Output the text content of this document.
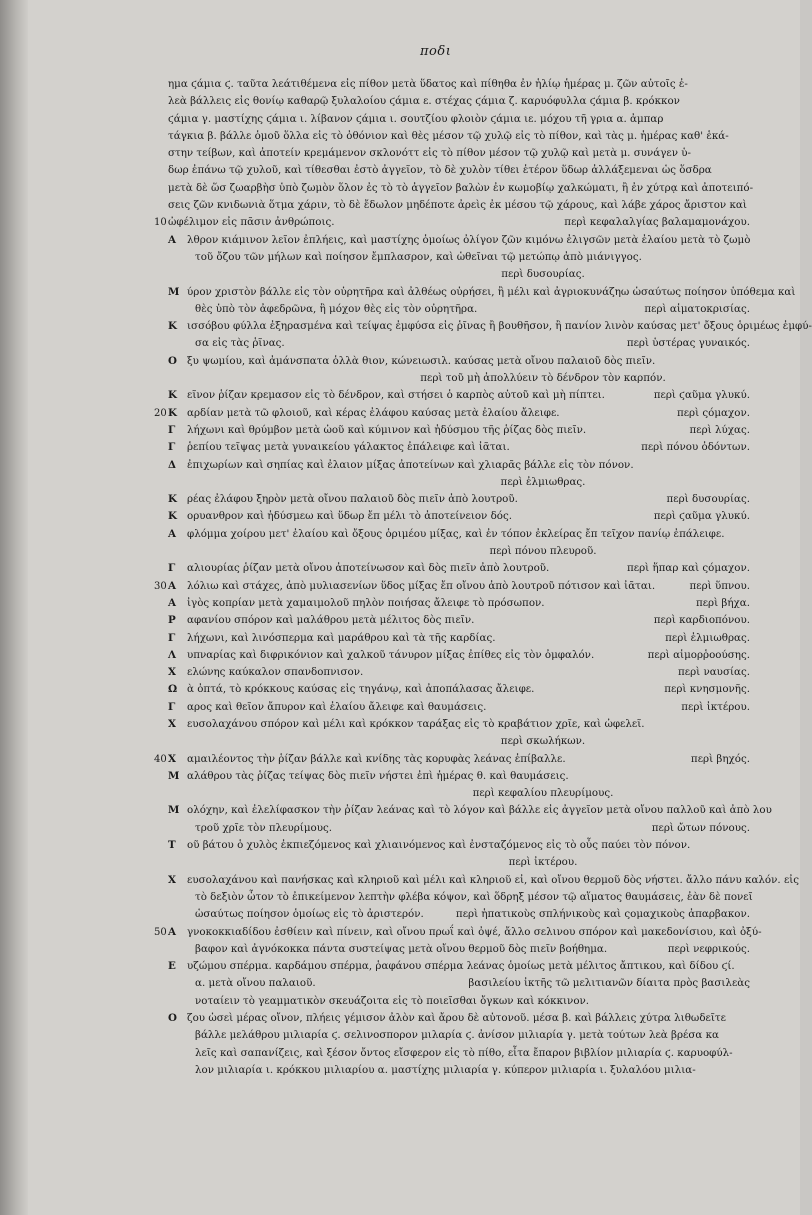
ποδι
ημα ϛάμια ϛ. ταῦτα λεάτιθέμενα εἰς πίθον μετὰ ὕδατος καὶ πίθηθα ἐν ἡλίῳ ἡμέρας μ. ζῶν αὐτοῖς ἐ-
λεὰ βάλλεις εἰς θονίῳ καθαρῷ ξυλαλοίου ϛάμια ε. στέχας ϛάμια ζ. καρυόφυλλα ϛάμια β. κρόκκον
ϛάμια γ. μαστίχης ϛάμια ι. λίβανον ϛάμια ι. σουτζίου φλοιὸν ϛάμια ιε. μόχου τῆ γρια α. ἀμπαρ
τάγκια β. βάλλε ὁμοῦ ὅλλα εἰς τὸ ὀθόνιον καὶ θὲς μέσον τῷ χυλῷ εἰς τὸ πίθον, καὶ τὰς μ. ἡμέρας καθ' ἑκά-
στην τείβων, καὶ ἀποτείν κρεμάμενον σκλονόττ εἰς τὸ πίθον μέσον τῷ χυλῷ καὶ μετὰ μ. συνάγεν ὑ-
δωρ ἐπάνω τῷ χυλοῦ, καὶ τίθεσθαι ἐστὸ ἀγγεῖον, τὸ δὲ χυλὸν τίθει ἑτέρον ὕδωρ ἀλλάξεμεναι ὡς ὅσδρα
μετὰ δὲ ὥσ ζωαρβὴσ ὑπὸ ζωμὸν ὅλον ἐς τὸ τὸ ἀγγεῖον βαλὼν ἐν κωμοβίῳ χαλκώματι, ἢ ἐν χύτρᾳ καὶ ἀποτειπό-
σεις ζῶν κνιδωνιὰ ὅτμα χάριν, τὸ δὲ ἔδωλον μηδέποτε ἀρεὶς ἐκ μέσου τῷ χάρους, καὶ λάβε χάρος ἄριστον καὶ
10 ὠφέλιμον εἰς πᾶσιν ἀνθρώποις.	περὶ κεφαλαλγίας βαλαμαμονάχου.
Α λθρον κιάμινον λεῖον ἐπλήεις, καὶ μαστίχης ὁμοίως ὀλίγον ζῶν κιμόνω ἐλιγσῶν μετὰ ἐλαίου μετὰ τὸ ζωμὸ
τοῦ ὄζου τῶν μήλων καὶ ποίησον ἔμπλασρον, καὶ ὡθεῖναι τῷ μετώπῳ ἀπὸ μιάνιγγος.
περὶ δυσουρίας.
Μ ύρον χριστὸν βάλλε εἰς τὸν οὐρητῆρα καὶ ἀλθέως οὐρήσει, ἢ μέλι καὶ ἀγριοκυνάζηω ὡσαύτως ποίησον ὑπόθεμα καὶ
θὲς ὑπὸ τὸν ἀφεδρῶνα, ἢ μόχον θὲς εἰς τὸν οὐρητῆρα.	περὶ αἱματοκρισίας.
Κ ισσόβου φύλλα ἐξηρασμένα καὶ τείψας ἐμφύσα εἰς ῥῖνας ἢ βουθῆσον, ἢ πανίον λινὸν καύσας μετ' ὄξους ὁριμέως ἐμφύ-
σα εἰς τὰς ῥῖνας.	περὶ ὑστέρας γυναικός.
Ο ξυ ψωμίου, καὶ ἀμάνσπατα ὁλλὰ θιον, κώνειωσιλ. καύσας μετὰ οἴνου παλαιοῦ δὸς πιεῖν.
περὶ τοῦ μὴ ἀπολλύειν τὸ δένδρον τὸν καρπόν.
Κ εῖνον ῥίζαν κρεμασον εἰς τὸ δένδρον, καὶ στήσει ὁ καρπὸς αὐτοῦ καὶ μὴ πίπτει.	περὶ ϛαῦμα γλυκύ.
20 Κ αρδίαν μετὰ τῶ φλοιοῦ, καὶ κέρας ἐλάφου καύσας μετὰ ἐλαίου ἄλειφε.	περὶ ςόμαχον.
Γ λήχωνι καὶ θρύμβον μετὰ ὠοῦ καὶ κύμινον καὶ ἡδύσμου τῆς ῥίζας δὸς πιεῖν.	περὶ λύχας.
Γ ῥεπίου τεῖψας μετὰ γυναικείου γάλακτος ἐπάλειφε καὶ ἰᾶται.	περὶ πόνου ὀδόντων.
Δ ἐπιχωρίων καὶ σηπίας καὶ ἐλαιον μίξας ἀποτείνων καὶ χλιαρᾶς βάλλε εἰς τὸν πόνον.
περὶ ἐλμιωθρας.
Κ ρέας ἐλάφου ξηρὸν μετὰ οἴνου παλαιοῦ δὸς πιεῖν ἀπὸ λουτροῦ.	περὶ δυσουρίας.
Κ ορυανθρον καὶ ἡδύσμεω καὶ ὕδωρ ἔπ μέλι τὸ ἀποτείνειον δός.	περὶ ϛαῦμα γλυκύ.
Α φλόμμα χοίρου μετ' ἐλαίου καὶ ὄξους ὁριμέου μίξας, καὶ ἐν τόπον ἐκλείρας ἔπ τεῖχον πανίῳ ἐπάλειφε.
περὶ πόνου πλευροῦ.
Γ αλιουρίας ῥίζαν μετὰ οἴνου ἀποτείνωσον καὶ δὸς πιεῖν ἀπὸ λουτροῦ.	περὶ ἥπαρ καὶ ςόμαχον.
30 Α λόλιω καὶ στάχες, ἀπὸ μυλιασενίων ὕδος μίξας ἔπ οἴνου ἀπὸ λουτροῦ πότισον καὶ ἰᾶται.	περὶ ὕπνου.
Α ἰγὸς κοπρίαν μετὰ χαμαιμολοῦ πηλὸν ποιήσας ἄλειφε τὸ πρόσωπον.	περὶ βήχα.
Ρ αφανίου σπόρον καὶ μαλάθρου μετὰ μέλιτος δὸς πιεῖν.	περὶ καρδιοπόνου.
Γ λήχωνι, καὶ λινόσπερμα καὶ μαράθρου καὶ τὰ τῆς καρδίας.	περὶ ἐλμιωθρας.
Λ υπναρίας καὶ διφρικόνιον καὶ χαλκοῦ τάνυρον μίξας ἐπίθες εἰς τὸν ὀμφαλόν.	περὶ αἱμορῥοούσης.
Χ ελώνης καύκαλον σπανδοπνισον.	περὶ ναυσίας.
Ω ὰ ὀπτά, τὸ κρόκκους καύσας εἰς τηγάνῳ, καὶ ἀποπάλασας ἄλειφε.	περὶ κνησμονῆς.
Γ αρος καὶ θεῖον ἄπυρον καὶ ἐλαίου ἄλειφε καὶ θαυμάσεις.	περὶ ἰκτέρου.
Χ ευσολαχάνου σπόρον καὶ μέλι καὶ κρόκκον ταράξας εἰς τὸ κραβάτιον χρῖε, καὶ ὠφελεῖ.
περὶ σκωλήκων.
40 Χ αμαιλέοντος τὴν ῥίζαν βάλλε καὶ κνίδης τὰς κορυφὰς λεάνας ἐπίβαλλε.	περὶ βηχός.
Μ αλάθρου τὰς ῥίζας τείψας δὸς πιεῖν νήστει ἐπὶ ἡμέρας θ. καὶ θαυμάσεις.
περὶ κεφαλίου πλευρίμους.
Μ ολόχην, καὶ ἐλελίφασκον τὴν ῥίζαν λεάνας καὶ τὸ λόγον καὶ βάλλε εἰς ἀγγεῖον μετὰ οἴνου παλλοῦ καὶ ἀπὸ λου
τροῦ χρῖε τὸν πλευρίμους.	περὶ ὤτων πόνους.
Τ οῦ βάτου ὁ χυλὸς ἐκπιεζόμενος καὶ χλιαινόμενος καὶ ἐνσταζόμενος εἰς τὸ οὖς παύει τὸν πόνον.
περὶ ἰκτέρου.
Χ ευσολαχάνου καὶ πανήσκας καὶ κληριοῦ καὶ μέλι καὶ κληριοῦ εἰ, καὶ οἴνου θερμοῦ δὸς νήστει. ἄλλο πάνυ καλόν. εἰς
τὸ δεξιὸν ὦτον τὸ ἐπικείμενον λεπτὴν φλέβα κόψον, καὶ ὅδρηξ μέσον τῷ αἵματος θαυμάσεις, ἐὰν δὲ πονεῖ
ὡσαύτως ποίησον ὁμοίως εἰς τὸ ἀριστερόν.	περὶ ἡπατικοὺς σπλήνικοὺς καὶ ςομαχικοὺς ἀπαρβακον.
50 Α γνοκοκκιαδίδου ἐσθίειν καὶ πίνειν, καὶ οἴνου πρωΐ καὶ ὀψέ, ἄλλο σελινου σπόρον καὶ μακεδονίσιου, καὶ ὀξύ-
βαφον καὶ ἀγνόκοκκα πάντα συστείψας μετὰ οἴνου θερμοῦ δὸς πιεῖν βοήθημα.	περὶ νεφρικούς.
Ε υζώμου σπέρμα. καρδάμου σπέρμα, ῥαφάνου σπέρμα λεάνας ὁμοίως μετὰ μέλιτος ἄπτικου, καὶ δίδου ϛί.
α. μετὰ οἴνου παλαιοῦ.	βασιλείου ἰκτῆς τῶ μελιτιανῶν δίαιτα πρὸς βασιλεὰς
νοταίειν τὸ γεαμματικὸν σκευάζοιτα εἰς τὸ ποιεῖσθαι ὄγκων καὶ κόκκινον.
Ο ζου ὡσεὶ μέρας οἴνον, πλήεις γέμισον ἀλὸν καὶ ἄρου δὲ αὐτονοῦ. μέσα β. καὶ βάλλεις χύτρα λιθωδεῖτε
βάλλε μελάθρου μιλιαρία ϛ. σελινοσπορον μιλαρία ϛ. ἀνίσον μιλιαρία γ. μετὰ τούτων λεὰ βρέσα κα
λεῖς καὶ σαπανίζεις, καὶ ξέσον ὄντος εἴσφερον εἰς τὸ πίθο, εἶτα ἔπαρον βιβλίον μιλιαρία ϛ. καρυοφύλ-
λον μιλιαρία ι. κρόκκου μιλιαρίου α. μαστίχης μιλιαρία γ. κύπερον μιλιαρία ι. ξυλαλόου μιλια-
